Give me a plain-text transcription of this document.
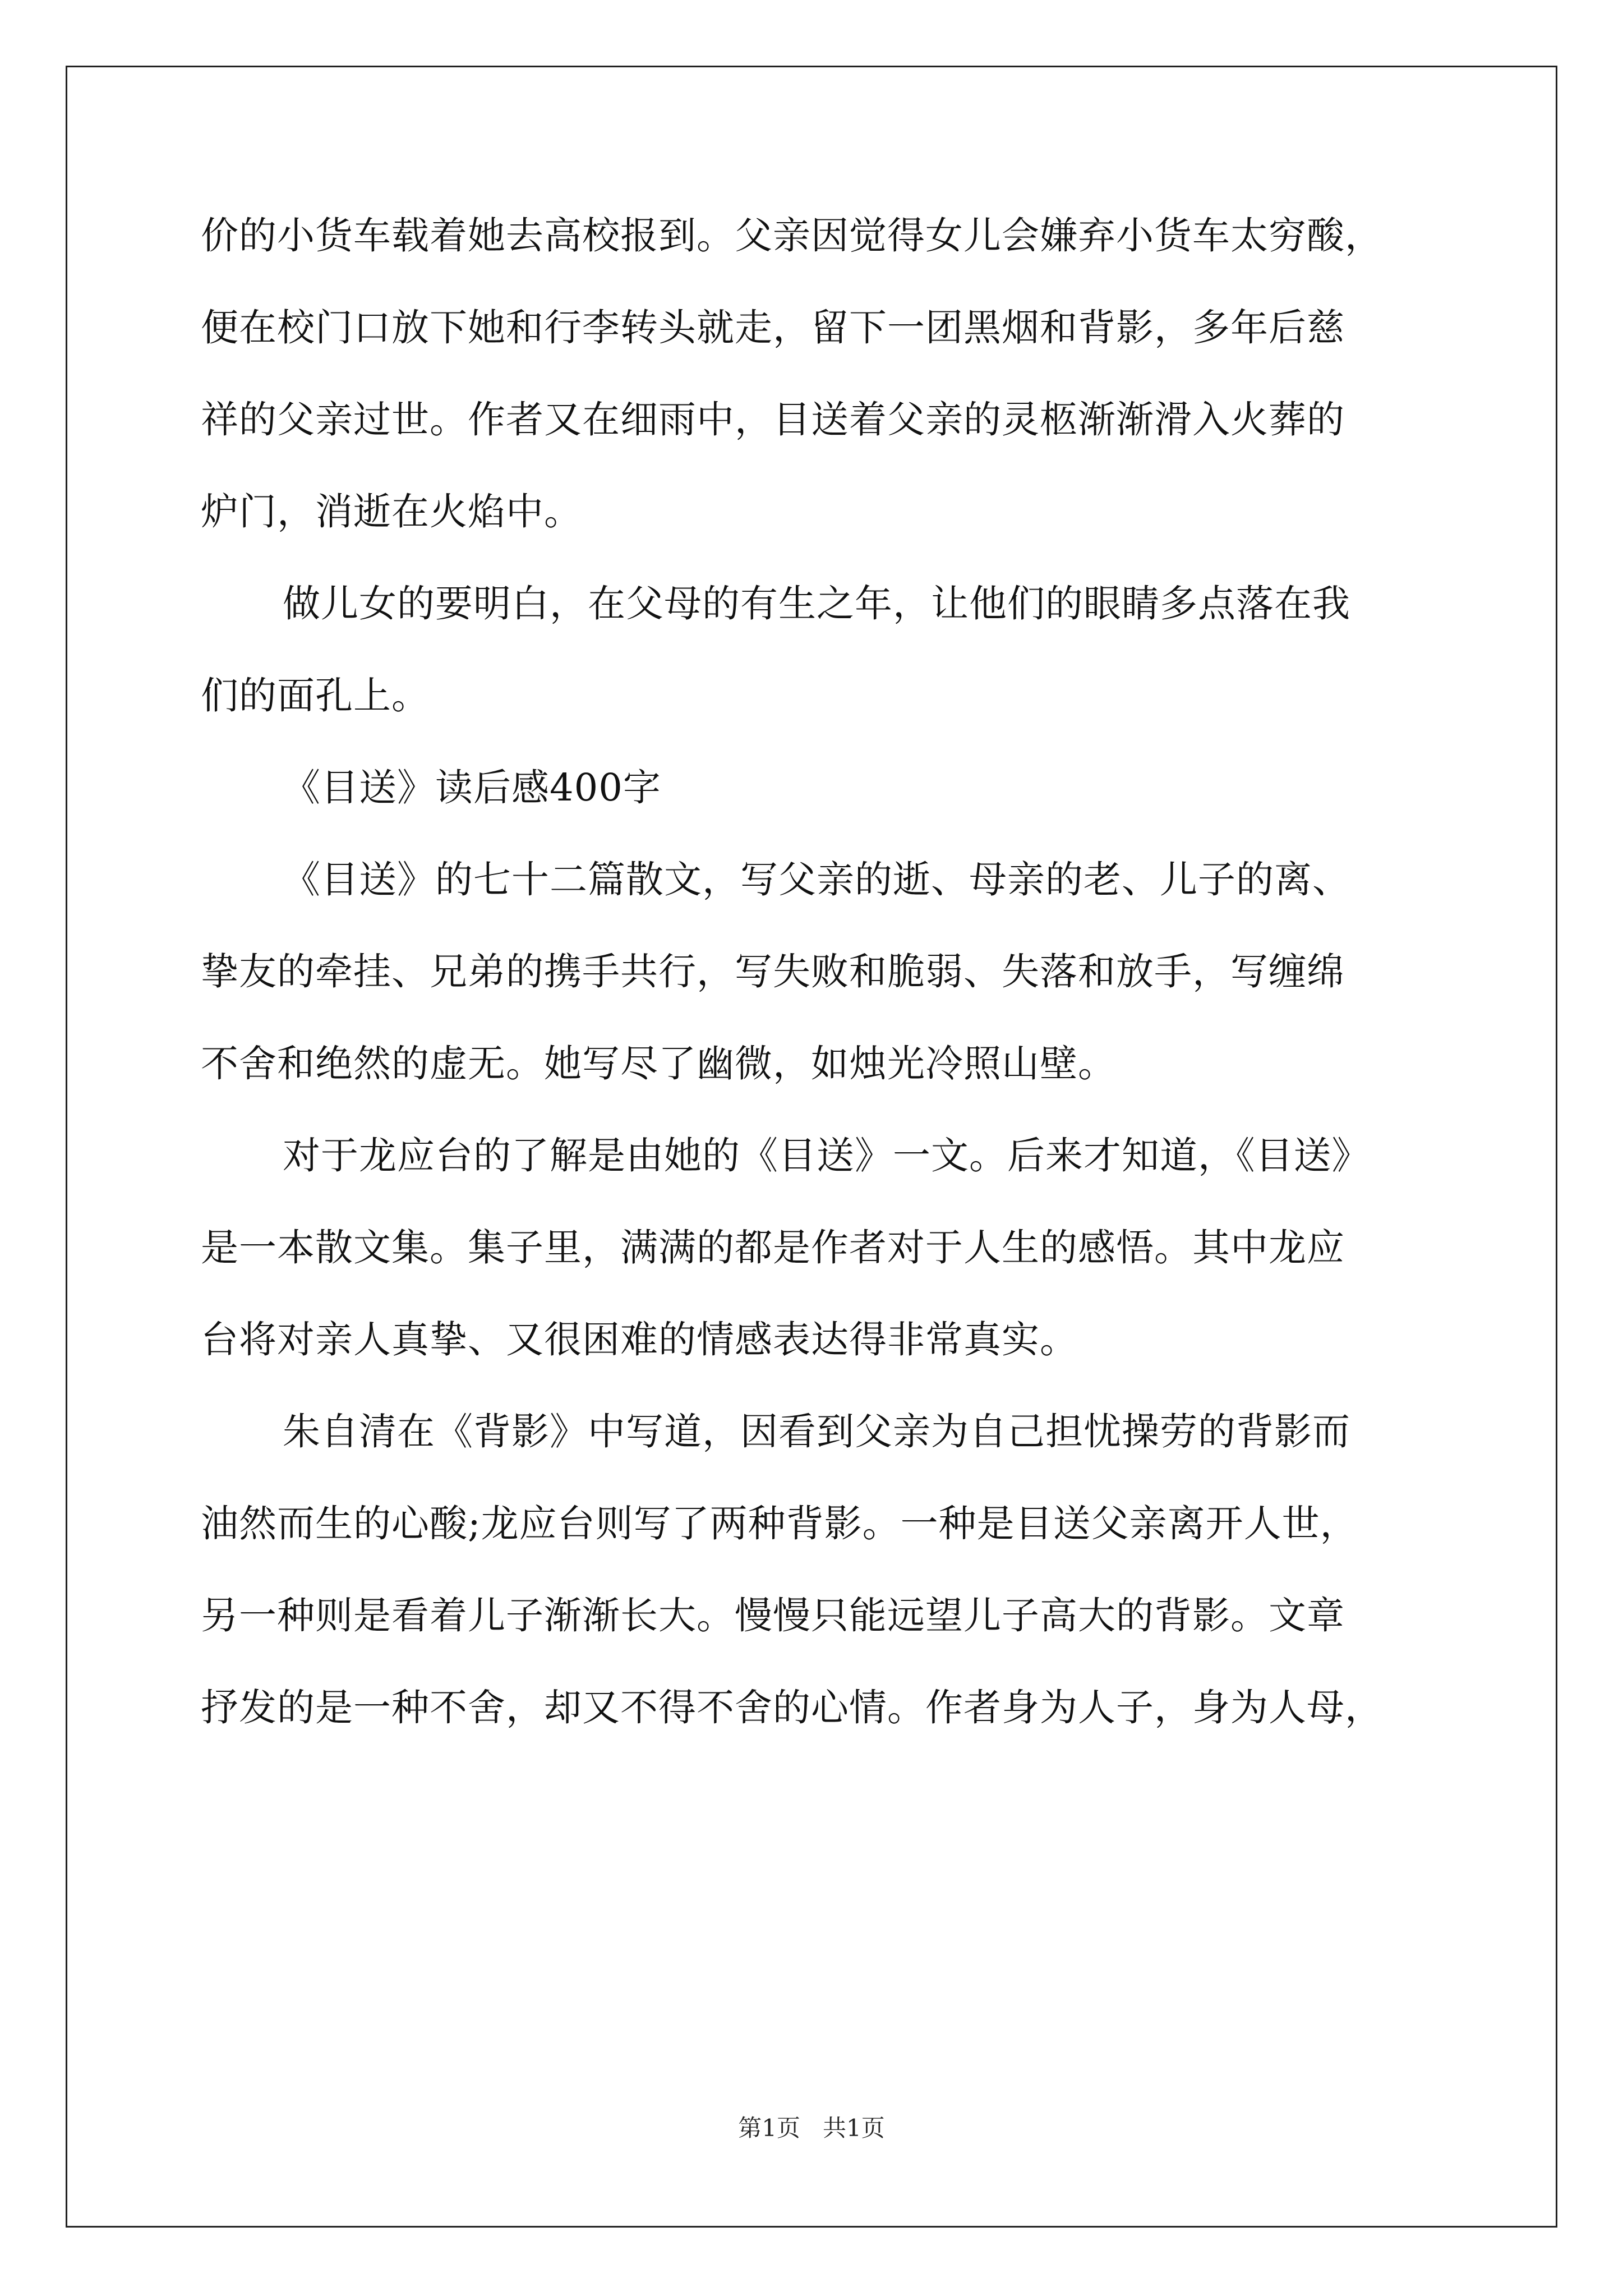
价的小货车载着她去高校报到。父亲因觉得女儿会嫌弃小货车太穷酸，
便在校门口放下她和行李转头就走，留下一团黑烟和背影，多年后慈
祥的父亲过世。作者又在细雨中，目送着父亲的灵柩渐渐滑入火葬的
炉门，消逝在火焰中。

做儿女的要明白，在父母的有生之年，让他们的眼睛多点落在我
们的面孔上。

《目送》读后感400字

《目送》的七十二篇散文，写父亲的逝、母亲的老、儿子的离、
挚友的牵挂、兄弟的携手共行，写失败和脆弱、失落和放手，写缠绵
不舍和绝然的虚无。她写尽了幽微，如烛光冷照山壁。

对于龙应台的了解是由她的《目送》一文。后来才知道，《目送》
是一本散文集。集子里，满满的都是作者对于人生的感悟。其中龙应
台将对亲人真挚、又很困难的情感表达得非常真实。

朱自清在《背影》中写道，因看到父亲为自己担忧操劳的背影而
油然而生的心酸;龙应台则写了两种背影。一种是目送父亲离开人世，
另一种则是看着儿子渐渐长大。慢慢只能远望儿子高大的背影。文章
抒发的是一种不舍，却又不得不舍的心情。作者身为人子，身为人母，

第1页   共1页
